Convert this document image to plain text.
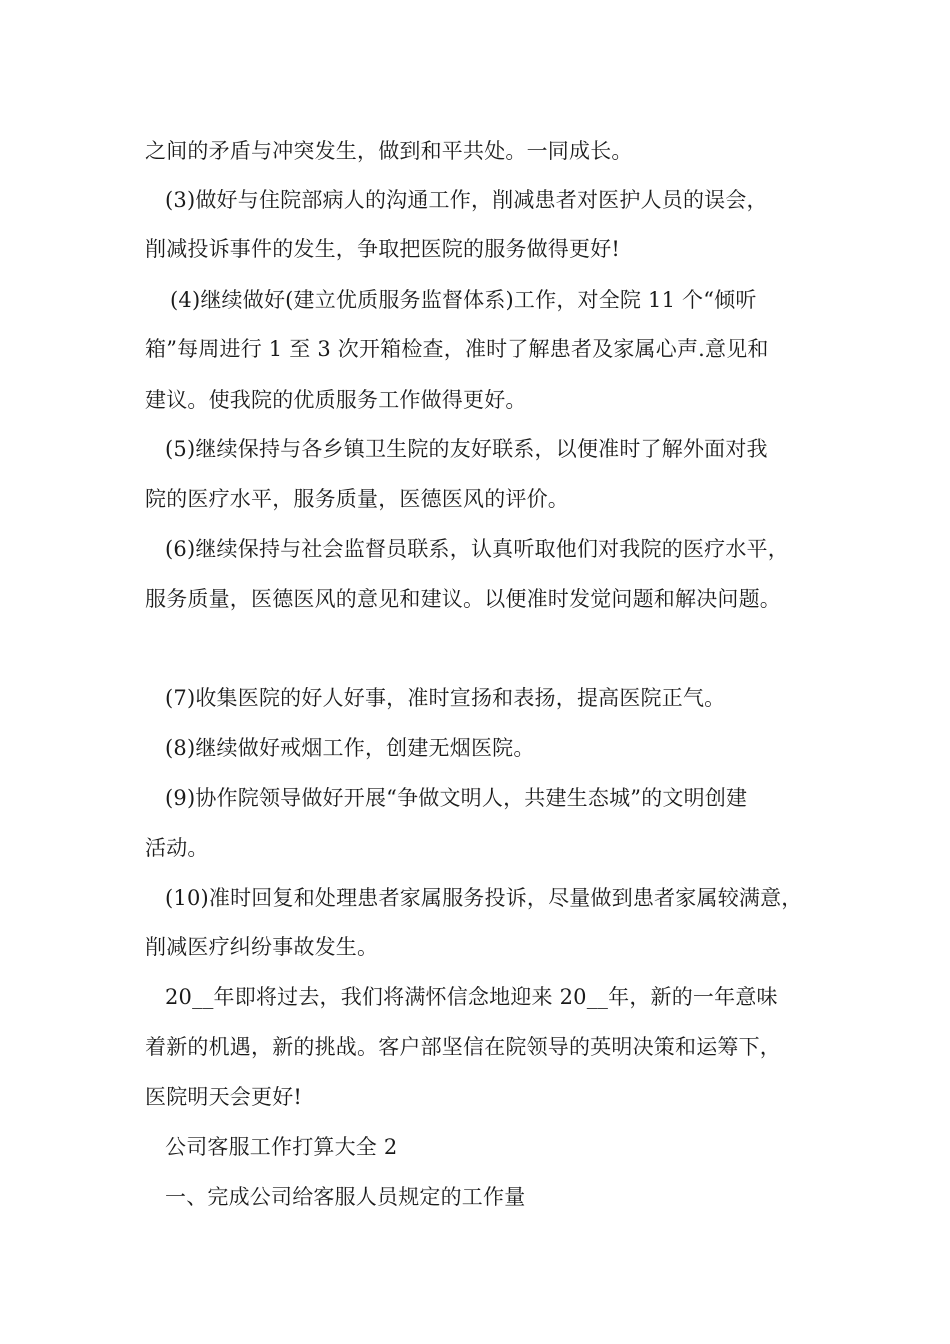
之间的矛盾与冲突发生，做到和平共处。一同成长。
(3)做好与住院部病人的沟通工作，削减患者对医护人员的误会，
削减投诉事件的发生，争取把医院的服务做得更好!
(4)继续做好(建立优质服务监督体系)工作，对全院 11 个“倾听
箱”每周进行 1 至 3 次开箱检查，准时了解患者及家属心声.意见和
建议。使我院的优质服务工作做得更好。
(5)继续保持与各乡镇卫生院的友好联系，以便准时了解外面对我
院的医疗水平，服务质量，医德医风的评价。
(6)继续保持与社会监督员联系，认真听取他们对我院的医疗水平，
服务质量，医德医风的意见和建议。以便准时发觉问题和解决问题。
(7)收集医院的好人好事，准时宣扬和表扬，提高医院正气。
(8)继续做好戒烟工作，创建无烟医院。
(9)协作院领导做好开展“争做文明人，共建生态城”的文明创建
活动。
(10)准时回复和处理患者家属服务投诉，尽量做到患者家属较满意，
削减医疗纠纷事故发生。
20__年即将过去，我们将满怀信念地迎来 20__年，新的一年意味
着新的机遇，新的挑战。客户部坚信在院领导的英明决策和运筹下，
医院明天会更好!
公司客服工作打算大全 2
一、完成公司给客服人员规定的工作量
